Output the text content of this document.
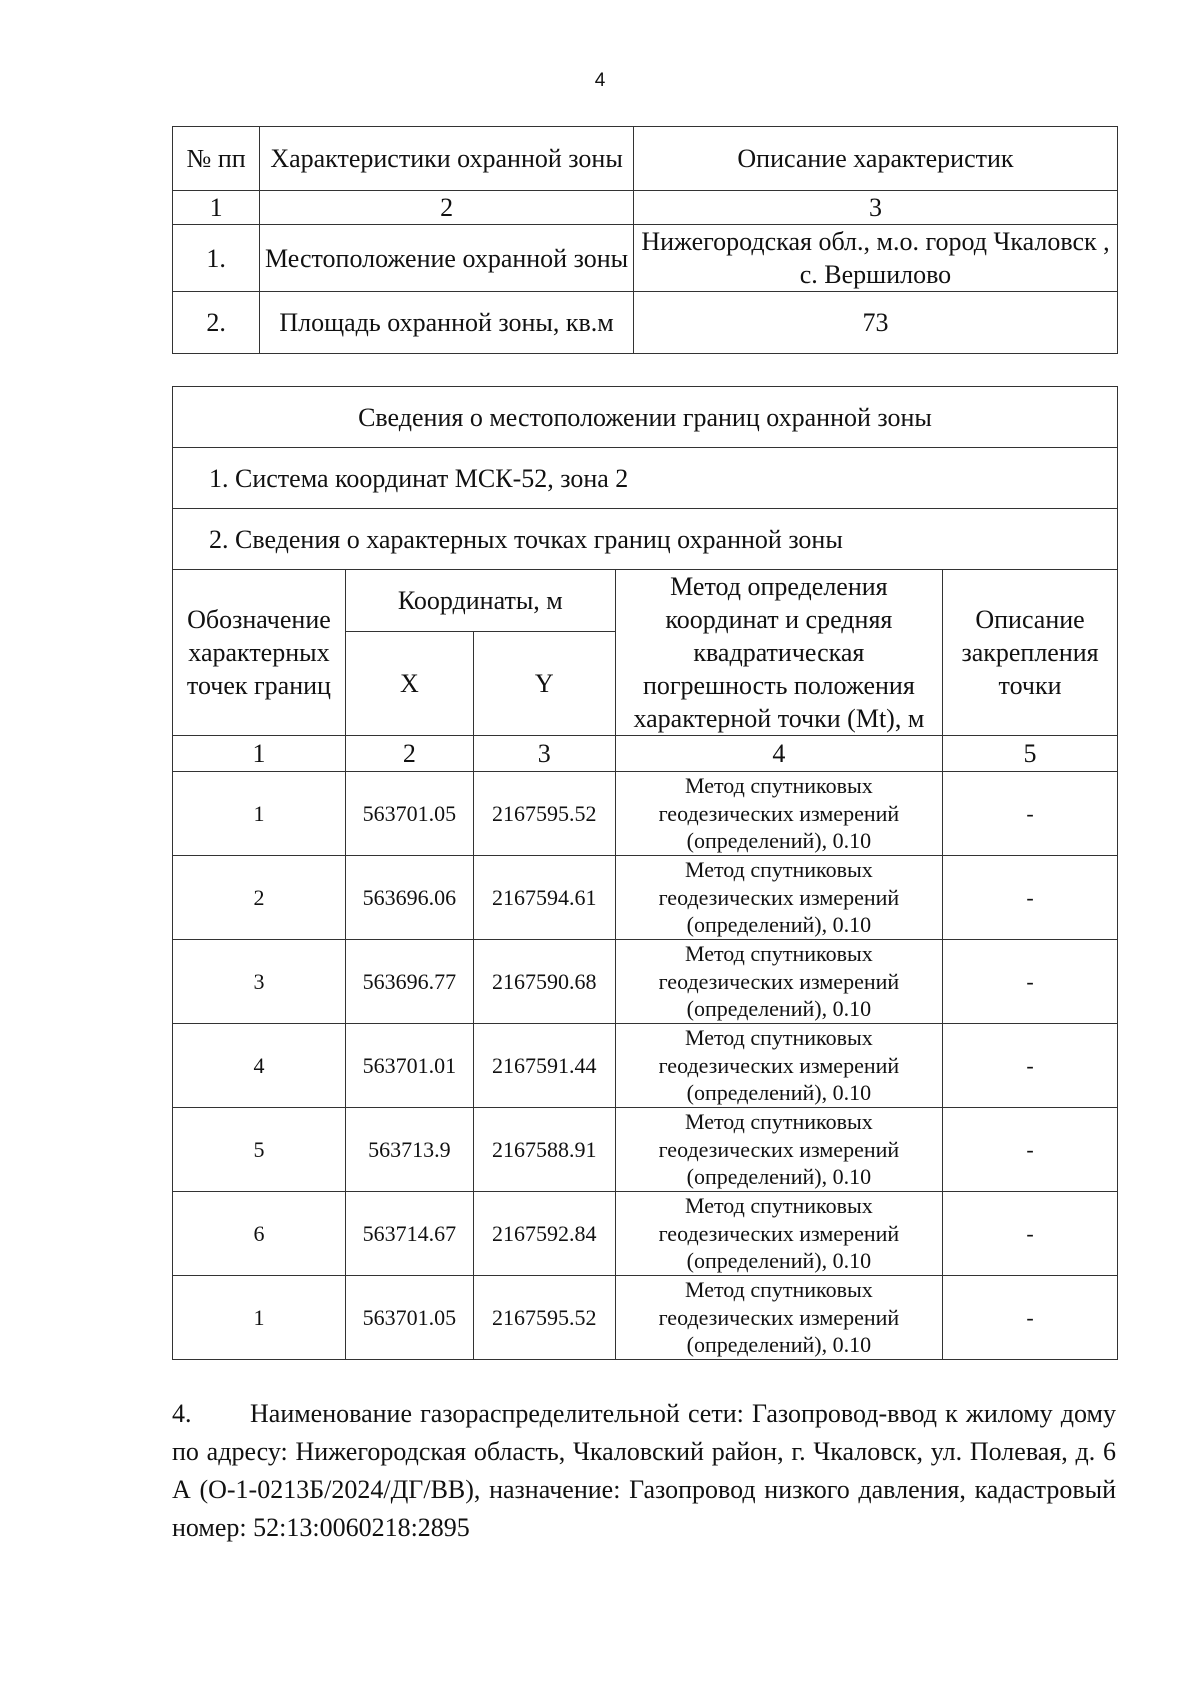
4
№ пп	Характеристики охранной зоны	Описание характеристик
1	2	3
1.	Местоположение охранной зоны	Нижегородская обл., м.о. город Чкаловск , с. Вершилово
2.	Площадь охранной зоны, кв.м	73
Сведения о местоположении границ охранной зоны				
1. Система координат МСК-52, зона 2				
2. Сведения о характерных точках границ охранной зоны				
Обозначение характерных точек границ	Координаты, м		Метод определения координат и средняя квадратическая погрешность положения характерной точки (Mt), м	Описание закрепления точки
	X	Y		
1	2	3	4	5
1	563701.05	2167595.52	Метод спутниковых геодезических измерений (определений), 0.10	-
2	563696.06	2167594.61	Метод спутниковых геодезических измерений (определений), 0.10	-
3	563696.77	2167590.68	Метод спутниковых геодезических измерений (определений), 0.10	-
4	563701.01	2167591.44	Метод спутниковых геодезических измерений (определений), 0.10	-
5	563713.9	2167588.91	Метод спутниковых геодезических измерений (определений), 0.10	-
6	563714.67	2167592.84	Метод спутниковых геодезических измерений (определений), 0.10	-
1	563701.05	2167595.52	Метод спутниковых геодезических измерений (определений), 0.10	-

4. Наименование газораспределительной сети: Газопровод-ввод к жилому дому по адресу: Нижегородская область, Чкаловский район, г. Чкаловск, ул. Полевая, д. 6 А (О-1-0213Б/2024/ДГ/ВВ), назначение: Газопровод низкого давления, кадастровый номер: 52:13:0060218:2895
